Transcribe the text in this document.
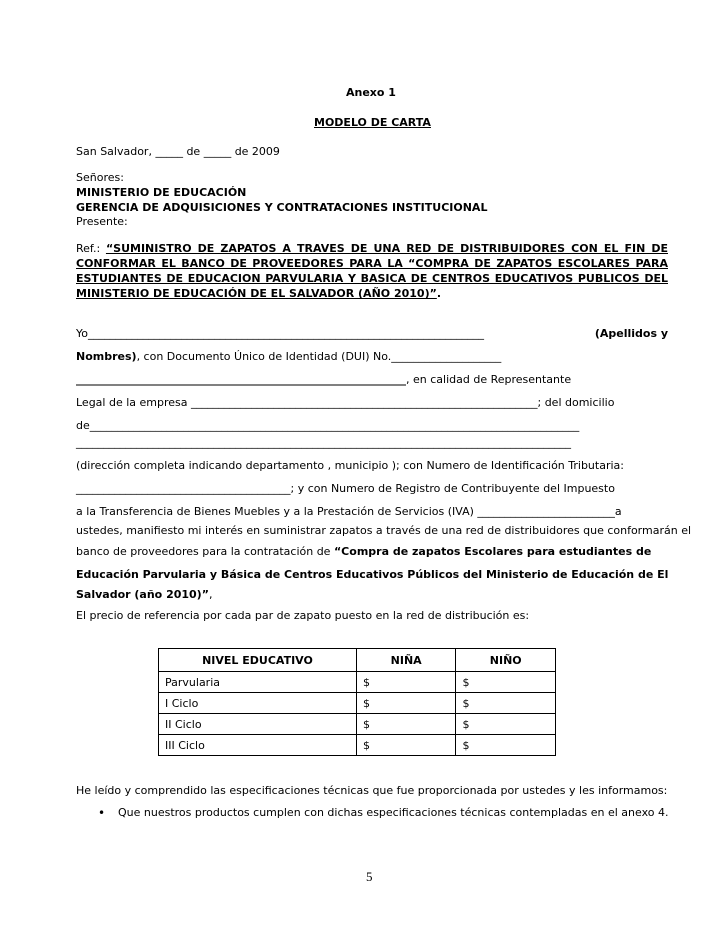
Anexo 1
MODELO DE CARTA
San Salvador, _____ de _____ de 2009
Señores:
MINISTERIO DE EDUCACIÓN
GERENCIA DE ADQUISICIONES Y CONTRATACIONES INSTITUCIONAL
Presente:
Ref.: “SUMINISTRO DE ZAPATOS A TRAVES DE UNA RED DE DISTRIBUIDORES CON EL FIN DE
CONFORMAR EL BANCO DE PROVEEDORES PARA LA “COMPRA DE ZAPATOS ESCOLARES PARA
ESTUDIANTES DE EDUCACION PARVULARIA Y BASICA DE CENTROS EDUCATIVOS PUBLICOS DEL
MINISTERIO DE EDUCACIÓN DE EL SALVADOR (AÑO 2010)”.
Yo________________________________________________________________________	(Apellidos y
Nombres), con Documento Único de Identidad (DUI) No.____________________
____________________________________________________________, en calidad de Representante
Legal de la empresa _______________________________________________________________; del domicilio
de_________________________________________________________________________________________
__________________________________________________________________________________________
(dirección completa indicando departamento , municipio ); con Numero de Identificación Tributaria:
_______________________________________; y con Numero de Registro de Contribuyente del Impuesto
a la Transferencia de Bienes Muebles y a la Prestación de Servicios (IVA) _________________________a
ustedes, manifiesto mi interés en suministrar zapatos a través de una red de distribuidores que conformarán el
banco de proveedores para la contratación de “Compra de zapatos Escolares para estudiantes de
Educación Parvularia y Básica de Centros Educativos Públicos del Ministerio de Educación de El
Salvador (año 2010)”,
El precio de referencia por cada par de zapato puesto en la red de distribución es:
NIVEL EDUCATIVO	NIÑA	NIÑO
Parvularia	$	$
I Ciclo	$	$
II Ciclo	$	$
III Ciclo	$	$
He leído y comprendido las especificaciones técnicas que fue proporcionada por ustedes y les informamos:
• Que nuestros productos cumplen con dichas especificaciones técnicas contempladas en el anexo 4.
5
